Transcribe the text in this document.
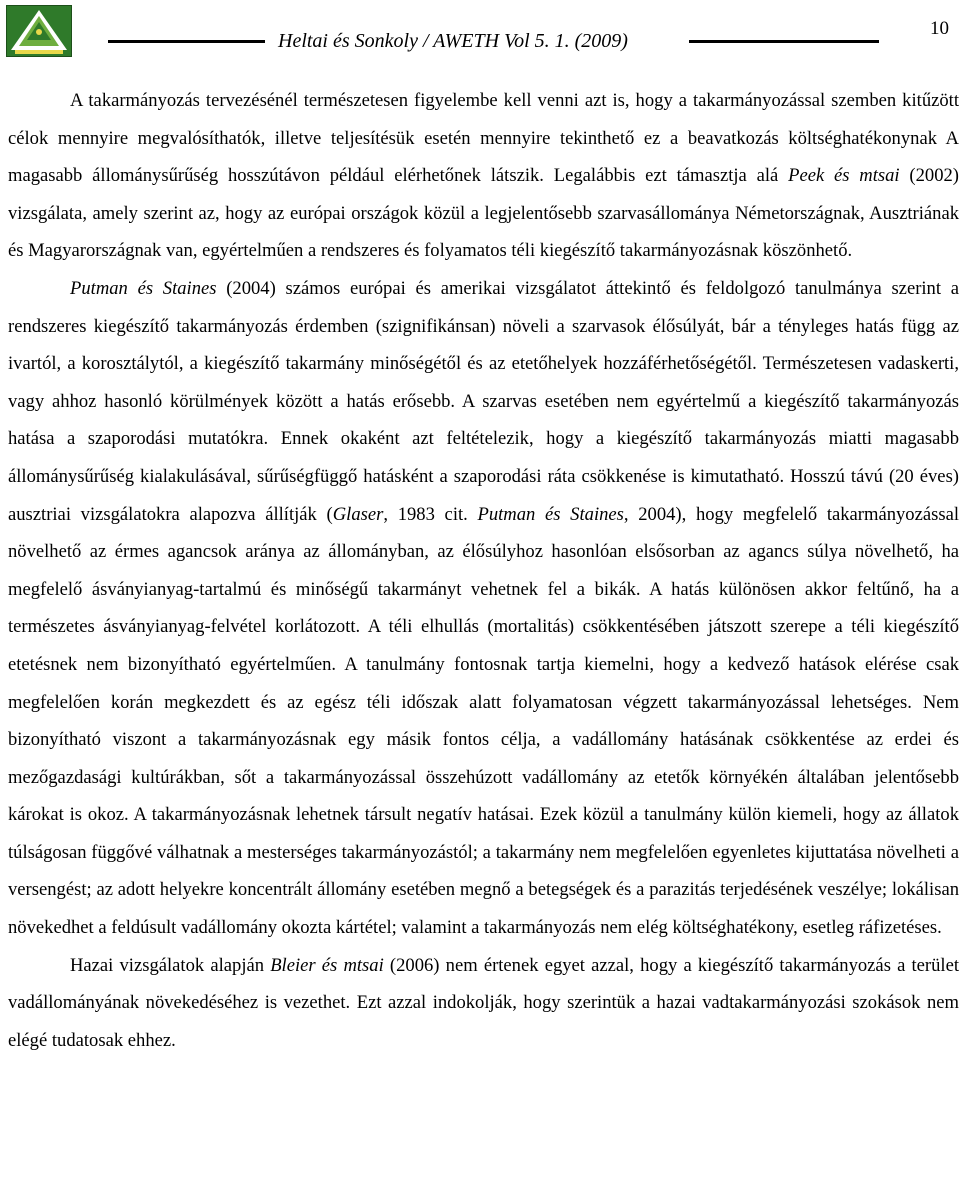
Heltai és Sonkoly / AWETH Vol 5. 1. (2009)
10

A takarmányozás tervezésénél természetesen figyelembe kell venni azt is, hogy a takarmányozással szemben kitűzött célok mennyire megvalósíthatók, illetve teljesítésük esetén mennyire tekinthető ez a beavatkozás költséghatékonynak A magasabb állománysűrűség hosszútávon például elérhetőnek látszik. Legalábbis ezt támasztja alá Peek és mtsai (2002) vizsgálata, amely szerint az, hogy az európai országok közül a legjelentősebb szarvasállománya Németországnak, Ausztriának és Magyarországnak van, egyértelműen a rendszeres és folyamatos téli kiegészítő takarmányozásnak köszönhető.

Putman és Staines (2004) számos európai és amerikai vizsgálatot áttekintő és feldolgozó tanulmánya szerint a rendszeres kiegészítő takarmányozás érdemben (szignifikánsan) növeli a szarvasok élősúlyát, bár a tényleges hatás függ az ivartól, a korosztálytól, a kiegészítő takarmány minőségétől és az etetőhelyek hozzáférhetőségétől. Természetesen vadaskerti, vagy ahhoz hasonló körülmények között a hatás erősebb. A szarvas esetében nem egyértelmű a kiegészítő takarmányozás hatása a szaporodási mutatókra. Ennek okaként azt feltételezik, hogy a kiegészítő takarmányozás miatti magasabb állománysűrűség kialakulásával, sűrűségfüggő hatásként a szaporodási ráta csökkenése is kimutatható. Hosszú távú (20 éves) ausztriai vizsgálatokra alapozva állítják (Glaser, 1983 cit. Putman és Staines, 2004), hogy megfelelő takarmányozással növelhető az érmes agancsok aránya az állományban, az élősúlyhoz hasonlóan elsősorban az agancs súlya növelhető, ha megfelelő ásványianyag-tartalmú és minőségű takarmányt vehetnek fel a bikák. A hatás különösen akkor feltűnő, ha a természetes ásványianyag-felvétel korlátozott. A téli elhullás (mortalitás) csökkentésében játszott szerepe a téli kiegészítő etetésnek nem bizonyítható egyértelműen. A tanulmány fontosnak tartja kiemelni, hogy a kedvező hatások elérése csak megfelelően korán megkezdett és az egész téli időszak alatt folyamatosan végzett takarmányozással lehetséges. Nem bizonyítható viszont a takarmányozásnak egy másik fontos célja, a vadállomány hatásának csökkentése az erdei és mezőgazdasági kultúrákban, sőt a takarmányozással összehúzott vadállomány az etetők környékén általában jelentősebb károkat is okoz. A takarmányozásnak lehetnek társult negatív hatásai. Ezek közül a tanulmány külön kiemeli, hogy az állatok túlságosan függővé válhatnak a mesterséges takarmányozástól; a takarmány nem megfelelően egyenletes kijuttatása növelheti a versengést; az adott helyekre koncentrált állomány esetében megnő a betegségek és a parazitás terjedésének veszélye; lokálisan növekedhet a feldúsult vadállomány okozta kártétel; valamint a takarmányozás nem elég költséghatékony, esetleg ráfizetéses.

Hazai vizsgálatok alapján Bleier és mtsai (2006) nem értenek egyet azzal, hogy a kiegészítő takarmányozás a terület vadállományának növekedéséhez is vezethet. Ezt azzal indokolják, hogy szerintük a hazai vadtakarmányozási szokások nem elégé tudatosak ehhez.
